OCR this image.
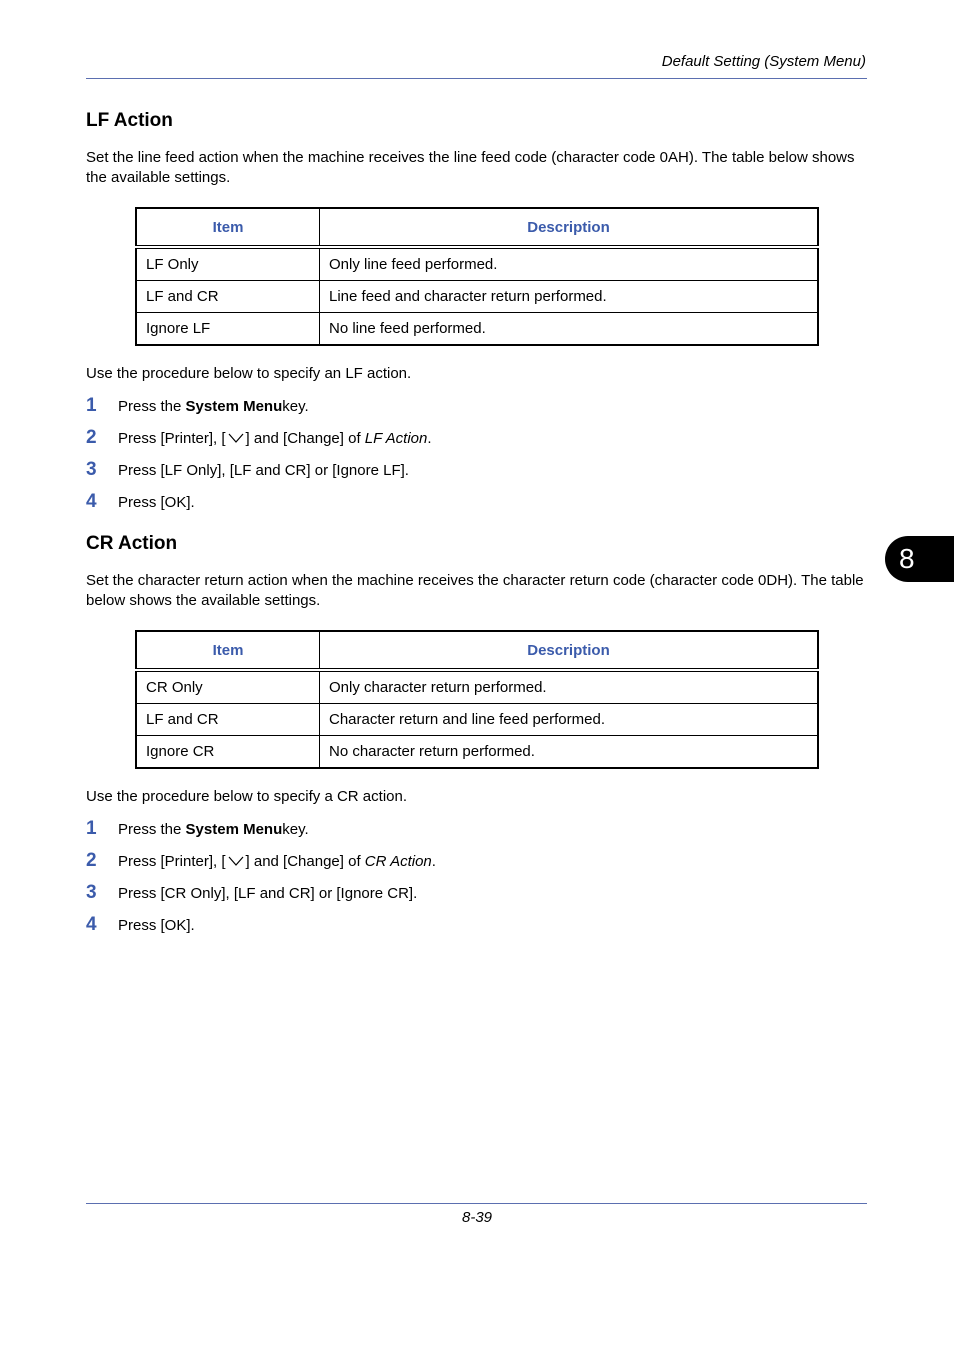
Default Setting (System Menu)
8
LF Action

Set the line feed action when the machine receives the line feed code (character code 0AH). The table below shows the available settings.

Item	Description
LF Only	Only line feed performed.
LF and CR	Line feed and character return performed.
Ignore LF	No line feed performed.

Use the procedure below to specify an LF action.

1	Press the
System Menu key.
2	Press [Printer], [ ] and [Change] of
LF Action .
3	Press [LF Only], [LF and CR] or [Ignore LF].
4	Press [OK].
CR Action

Set the character return action when the machine receives the character return code (character code 0DH). The table below shows the available settings.

Item	Description
CR Only	Only character return performed.
LF and CR	Character return and line feed performed.
Ignore CR	No character return performed.

Use the procedure below to specify a CR action.

1	Press the
System Menu key.
2	Press [Printer], [ ] and [Change] of
CR Action .
3	Press [CR Only], [LF and CR] or [Ignore CR].
4	Press [OK].
8-39
